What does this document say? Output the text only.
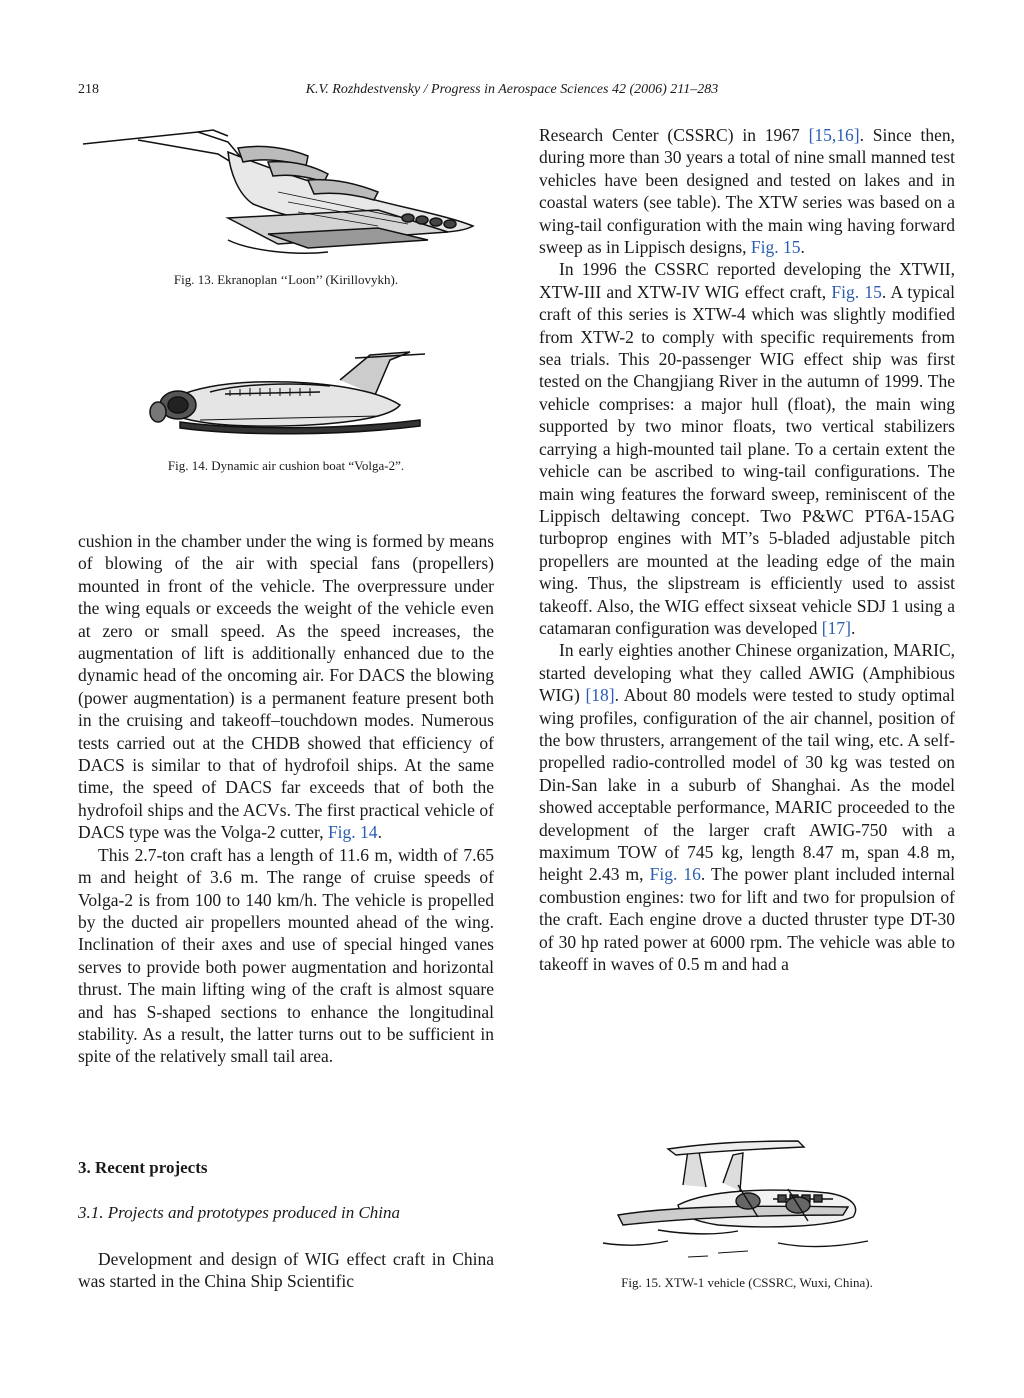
218	K.V. Rozhdestvensky / Progress in Aerospace Sciences 42 (2006) 211–283
Fig. 13. Ekranoplan ‘‘Loon’’ (Kirillovykh).
Fig. 14. Dynamic air cushion boat “Volga-2”.

cushion in the chamber under the wing is formed by means of blowing of the air with special fans (propellers) mounted in front of the vehicle. The overpressure under the wing equals or exceeds the weight of the vehicle even at zero or small speed. As the speed increases, the augmentation of lift is additionally enhanced due to the dynamic head of the oncoming air. For DACS the blowing (power augmentation) is a permanent feature present both in the cruising and takeoff–touchdown modes. Numerous tests carried out at the CHDB showed that efficiency of DACS is similar to that of hydrofoil ships. At the same time, the speed of DACS far exceeds that of both the hydrofoil ships and the ACVs. The first practical vehicle of DACS type was the Volga-2 cutter, Fig. 14.

This 2.7-ton craft has a length of 11.6 m, width of 7.65 m and height of 3.6 m. The range of cruise speeds of Volga-2 is from 100 to 140 km/h. The vehicle is propelled by the ducted air propellers mounted ahead of the wing. Inclination of their axes and use of special hinged vanes serves to provide both power augmentation and horizontal thrust. The main lifting wing of the craft is almost square and has S-shaped sections to enhance the longitudinal stability. As a result, the latter turns out to be sufficient in spite of the relatively small tail area.

3. Recent projects
3.1. Projects and prototypes produced in China

Development and design of WIG effect craft in China was started in the China Ship Scientific

Research Center (CSSRC) in 1967 [15,16]. Since then, during more than 30 years a total of nine small manned test vehicles have been designed and tested on lakes and in coastal waters (see table). The XTW series was based on a wing-tail configuration with the main wing having forward sweep as in Lippisch designs, Fig. 15.

In 1996 the CSSRC reported developing the XTWII, XTW-III and XTW-IV WIG effect craft, Fig. 15. A typical craft of this series is XTW-4 which was slightly modified from XTW-2 to comply with specific requirements from sea trials. This 20-passenger WIG effect ship was first tested on the Changjiang River in the autumn of 1999. The vehicle comprises: a major hull (float), the main wing supported by two minor floats, two vertical stabilizers carrying a high-mounted tail plane. To a certain extent the vehicle can be ascribed to wing-tail configurations. The main wing features the forward sweep, reminiscent of the Lippisch deltawing concept. Two P&WC PT6A-15AG turboprop engines with MT’s 5-bladed adjustable pitch propellers are mounted at the leading edge of the main wing. Thus, the slipstream is efficiently used to assist takeoff. Also, the WIG effect sixseat vehicle SDJ 1 using a catamaran configuration was developed [17].

In early eighties another Chinese organization, MARIC, started developing what they called AWIG (Amphibious WIG) [18]. About 80 models were tested to study optimal wing profiles, configuration of the air channel, position of the bow thrusters, arrangement of the tail wing, etc. A self-propelled radio-controlled model of 30 kg was tested on Din-San lake in a suburb of Shanghai. As the model showed acceptable performance, MARIC proceeded to the development of the larger craft AWIG-750 with a maximum TOW of 745 kg, length 8.47 m, span 4.8 m, height 2.43 m, Fig. 16. The power plant included internal combustion engines: two for lift and two for propulsion of the craft. Each engine drove a ducted thruster type DT-30 of 30 hp rated power at 6000 rpm. The vehicle was able to takeoff in waves of 0.5 m and had a

Fig. 15. XTW-1 vehicle (CSSRC, Wuxi, China).
